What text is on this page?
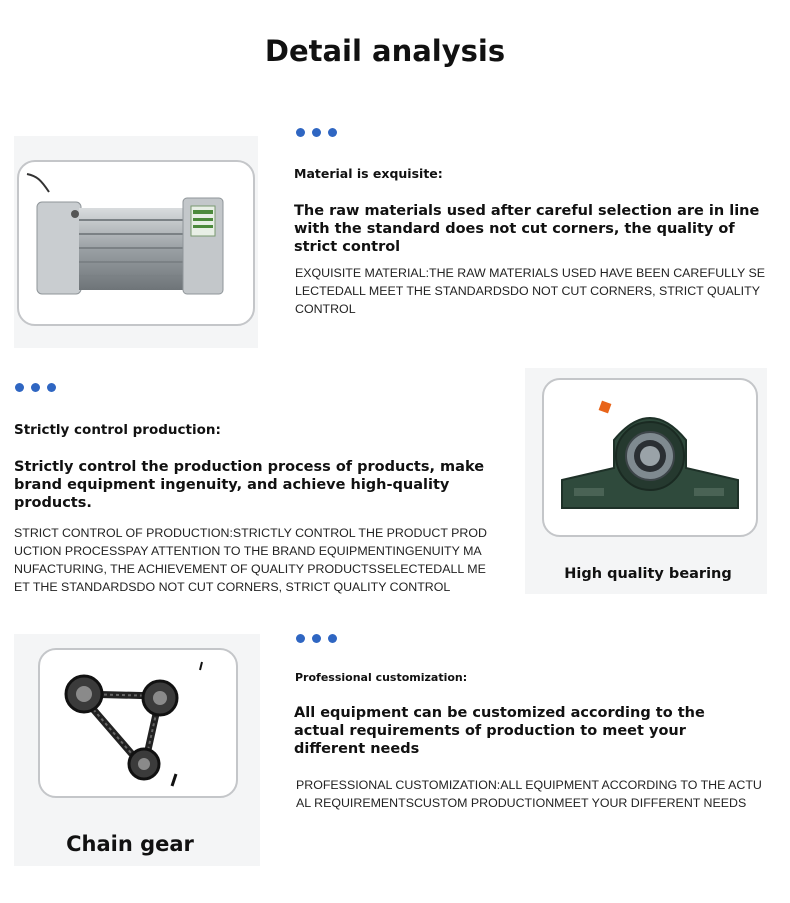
Detail analysis
Material is exquisite:
The raw materials used after careful selection are in line with the standard does not cut corners, the quality of strict control
EXQUISITE MATERIAL:THE RAW MATERIALS USED HAVE BEEN CAREFULLY SELECTEDALL MEET THE STANDARDSDO NOT CUT CORNERS, STRICT QUALITY CONTROL
Strictly control production:
Strictly control the production process of products, make brand equipment ingenuity, and achieve high-quality products.
STRICT CONTROL OF PRODUCTION:STRICTLY CONTROL THE PRODUCT PRODUCTION PROCESSPAY ATTENTION TO THE BRAND EQUIPMENTINGENUITY MANUFACTURING, THE ACHIEVEMENT OF QUALITY PRODUCTSSELECTEDALL MEET THE STANDARDSDO NOT CUT CORNERS, STRICT QUALITY CONTROL
High quality bearing
Chain gear
Professional customization:
All equipment can be customized according to the actual requirements of production to meet your different needs
PROFESSIONAL CUSTOMIZATION:ALL EQUIPMENT ACCORDING TO THE ACTUAL REQUIREMENTSCUSTOM PRODUCTIONMEET YOUR DIFFERENT NEEDS
